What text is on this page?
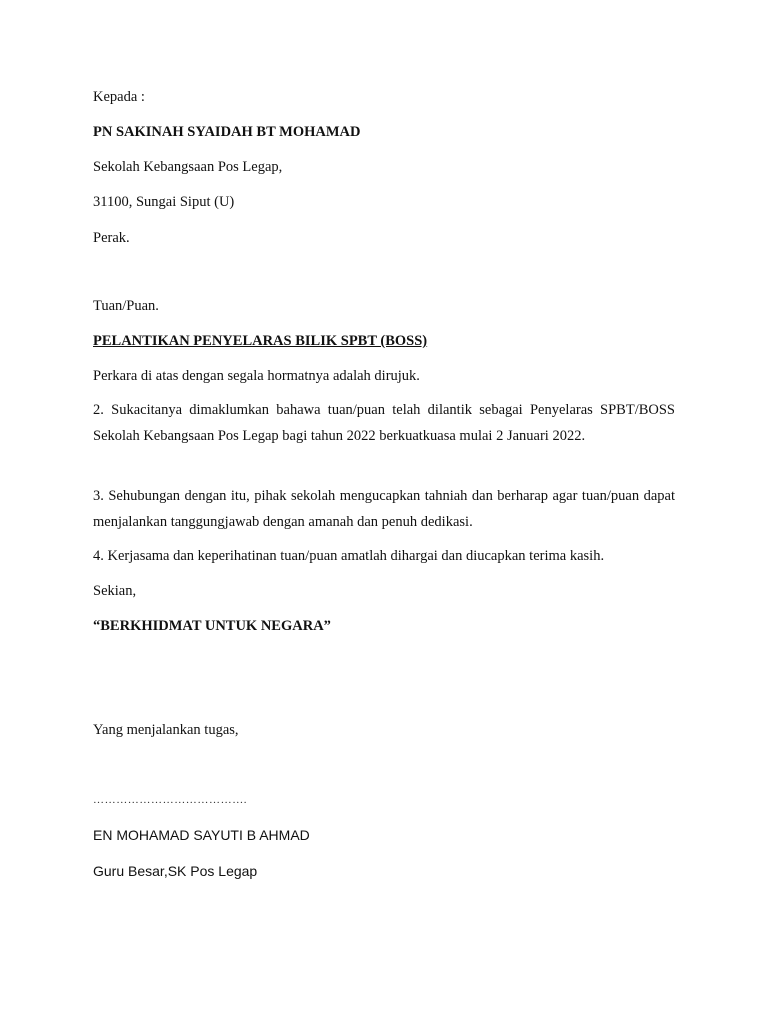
Kepada :
PN SAKINAH SYAIDAH BT MOHAMAD
Sekolah Kebangsaan Pos Legap,
31100, Sungai Siput (U)
Perak.
Tuan/Puan.
PELANTIKAN PENYELARAS BILIK SPBT (BOSS)
Perkara di atas dengan segala hormatnya adalah dirujuk.
2. Sukacitanya dimaklumkan bahawa tuan/puan telah dilantik sebagai Penyelaras SPBT/BOSS Sekolah Kebangsaan Pos Legap bagi tahun 2022 berkuatkuasa mulai 2 Januari 2022.
3. Sehubungan dengan itu, pihak sekolah mengucapkan tahniah dan berharap agar tuan/puan dapat menjalankan tanggungjawab dengan amanah dan penuh dedikasi.
4. Kerjasama dan keperihatinan tuan/puan amatlah dihargai dan diucapkan terima kasih.
Sekian,
“BERKHIDMAT UNTUK NEGARA”
Yang menjalankan tugas,
………………………………….
EN MOHAMAD SAYUTI B AHMAD
Guru Besar,SK Pos Legap
